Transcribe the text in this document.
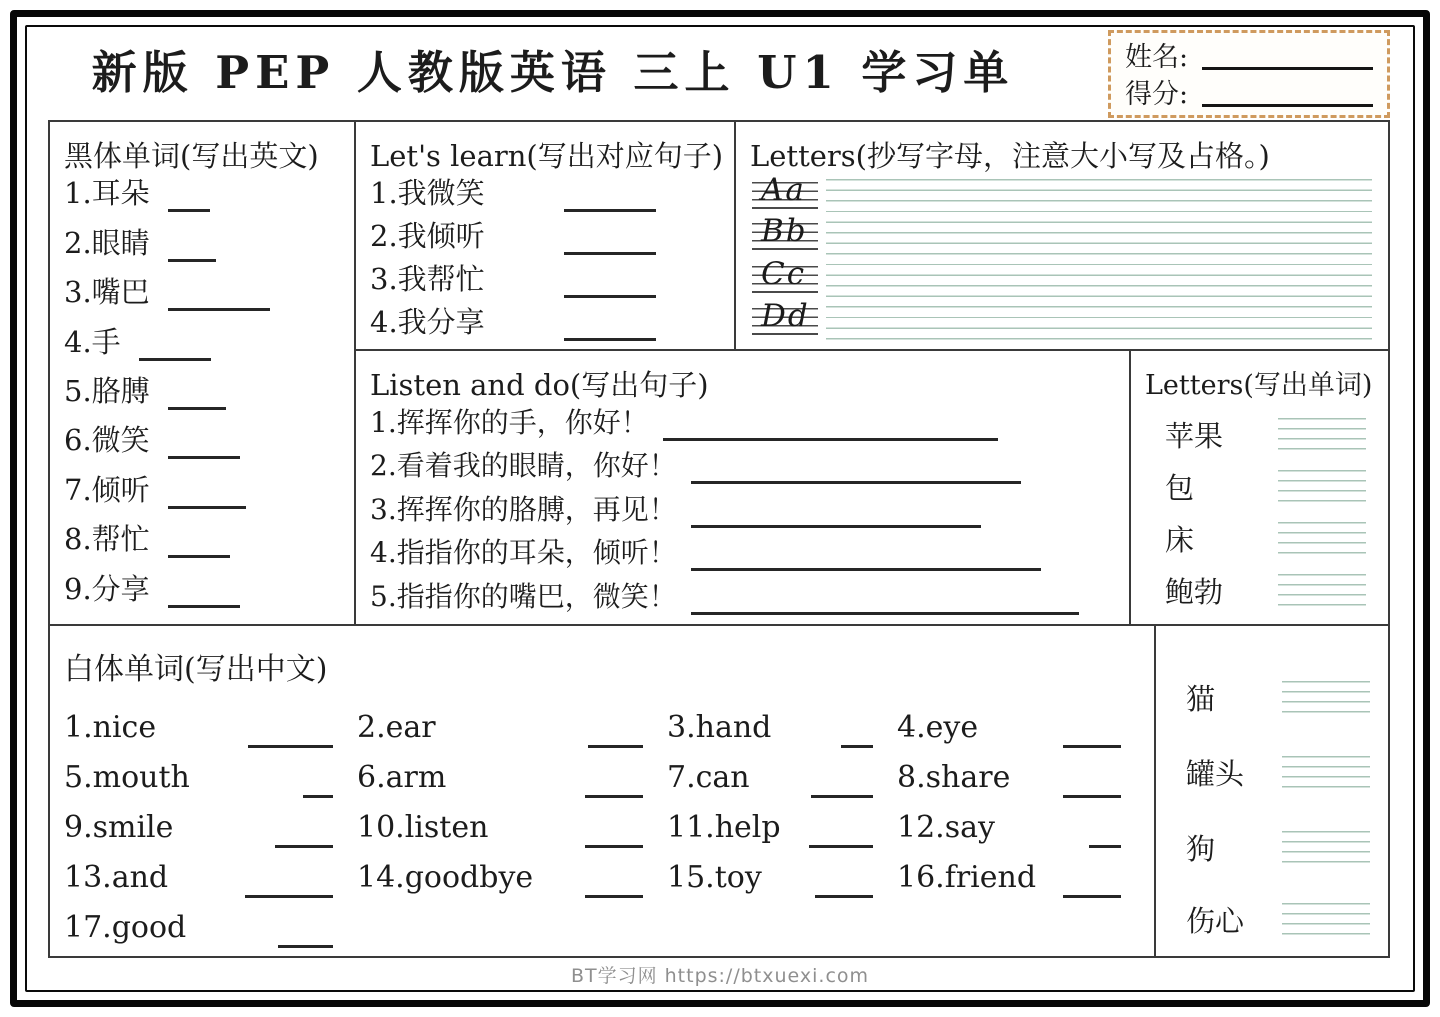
新版 PEP 人教版英语 三上 U1 学习单	姓名:
得分:
黑体单词(写出英文)
1.耳朵
2.眼睛
3.嘴巴
4.手
5.胳膊
6.微笑
7.倾听
8.帮忙
9.分享
Let's learn(写出对应句子)
1.我微笑
2.我倾听
3.我帮忙
4.我分享
Letters(抄写字母，注意大小写及占格。)
Aa
Bb
Cc
Dd
Listen and do(写出句子)
1.挥挥你的手，你好！
2.看着我的眼睛，你好！
3.挥挥你的胳膊，再见！
4.指指你的耳朵，倾听！
5.指指你的嘴巴，微笑！
Letters(写出单词)
苹果
包
床
鲍勃
白体单词(写出中文)
1.nice	2.ear	3.hand	4.eye
5.mouth	6.arm	7.can	8.share
9.smile	10.listen	11.help	12.say
13.and	14.goodbye	15.toy	16.friend
17.good
猫
罐头
狗
伤心
BT学习网 https://btxuexi.com
